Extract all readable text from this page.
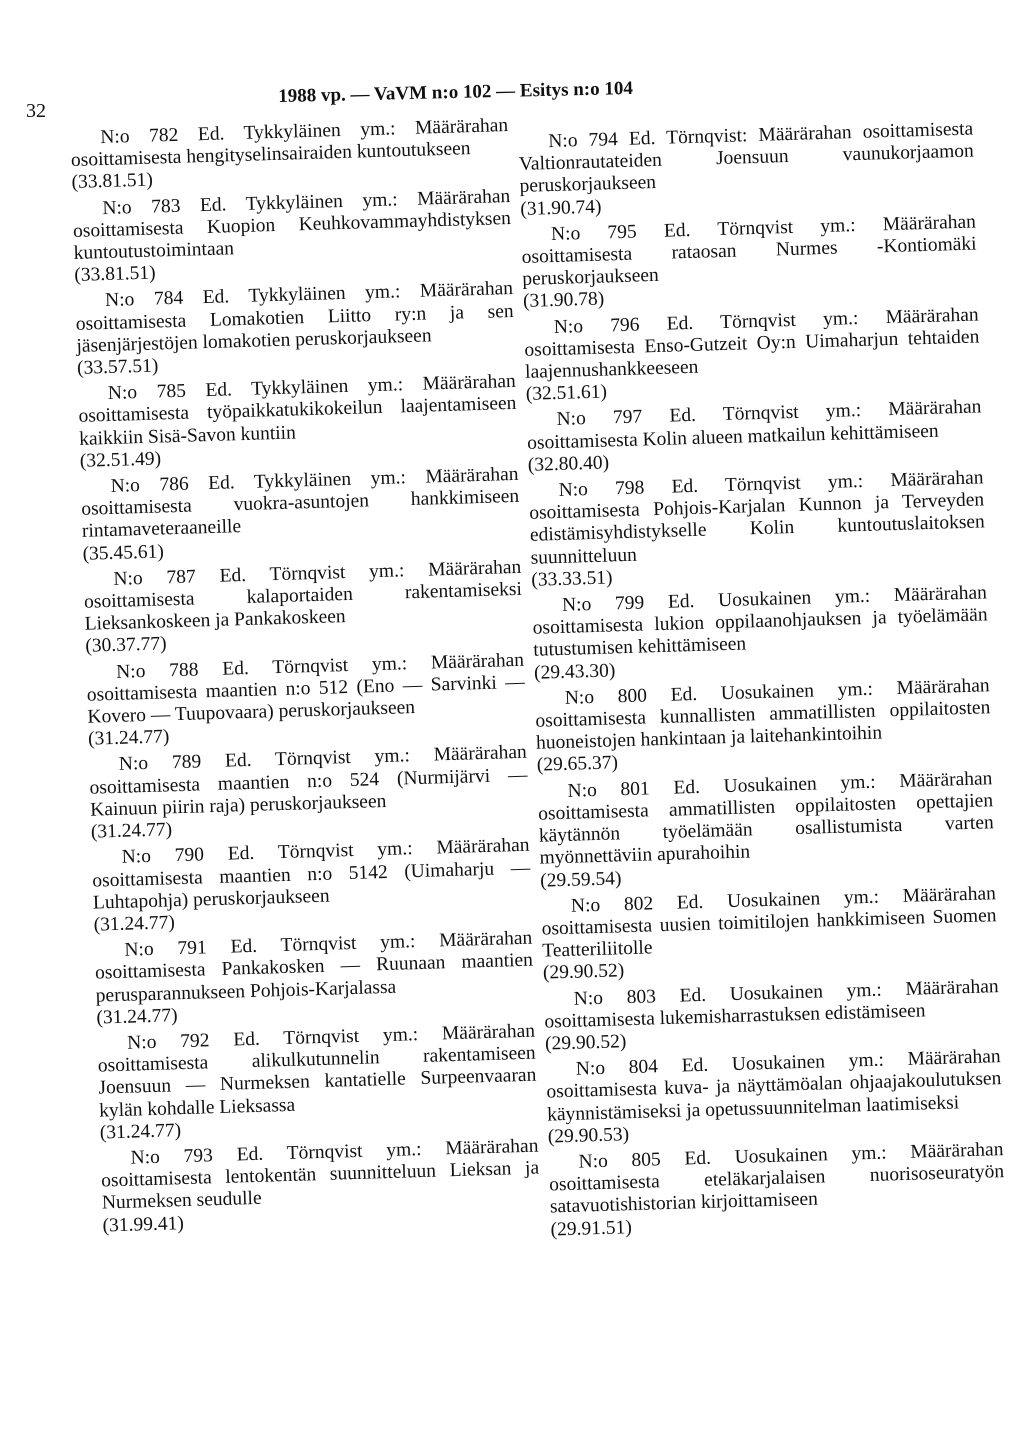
32
1988 vp. — VaVM n:o 102 — Esitys n:o 104

N:o 782 Ed. Tykkyläinen ym.: Määrärahan osoittamisesta hengityselinsairaiden kuntoutukseen

(33.81.51)

N:o 783 Ed. Tykkyläinen ym.: Määrärahan osoittamisesta Kuopion Keuhkovammayhdistyksen kuntoutustoimintaan

(33.81.51)

N:o 784 Ed. Tykkyläinen ym.: Määrärahan osoittamisesta Lomakotien Liitto ry:n ja sen jäsenjärjestöjen lomakotien peruskorjaukseen

(33.57.51)

N:o 785 Ed. Tykkyläinen ym.: Määrärahan osoittamisesta työpaikkatukikokeilun laajentamiseen kaikkiin Sisä-Savon kuntiin

(32.51.49)

N:o 786 Ed. Tykkyläinen ym.: Määrärahan osoittamisesta vuokra-asuntojen hankkimiseen rintamaveteraaneille

(35.45.61)

N:o 787 Ed. Törnqvist ym.: Määrärahan osoittamisesta kalaportaiden rakentamiseksi Lieksankoskeen ja Pankakoskeen

(30.37.77)

N:o 788 Ed. Törnqvist ym.: Määrärahan osoittamisesta maantien n:o 512 (Eno — Sarvinki — Kovero — Tuupovaara) peruskorjaukseen

(31.24.77)

N:o 789 Ed. Törnqvist ym.: Määrärahan osoittamisesta maantien n:o 524 (Nurmijärvi — Kainuun piirin raja) peruskorjaukseen

(31.24.77)

N:o 790 Ed. Törnqvist ym.: Määrärahan osoittamisesta maantien n:o 5142 (Uimaharju — Luhtapohja) peruskorjaukseen

(31.24.77)

N:o 791 Ed. Törnqvist ym.: Määrärahan osoittamisesta Pankakosken — Ruunaan maantien perusparannukseen Pohjois-Karjalassa

(31.24.77)

N:o 792 Ed. Törnqvist ym.: Määrärahan osoittamisesta alikulkutunnelin rakentamiseen Joensuun — Nurmeksen kantatielle Surpeenvaaran kylän kohdalle Lieksassa

(31.24.77)

N:o 793 Ed. Törnqvist ym.: Määrärahan osoittamisesta lentokentän suunnitteluun Lieksan ja Nurmeksen seudulle

(31.99.41)

N:o 794 Ed. Törnqvist: Määrärahan osoittamisesta Valtionrautateiden Joensuun vaunukorjaamon peruskorjaukseen

(31.90.74)

N:o 795 Ed. Törnqvist ym.: Määrärahan osoittamisesta rataosan Nurmes -Kontiomäki peruskorjaukseen

(31.90.78)

N:o 796 Ed. Törnqvist ym.: Määrärahan osoittamisesta Enso-Gutzeit Oy:n Uimaharjun tehtaiden laajennushankkeeseen

(32.51.61)

N:o 797 Ed. Törnqvist ym.: Määrärahan osoittamisesta Kolin alueen matkailun kehittämiseen

(32.80.40)

N:o 798 Ed. Törnqvist ym.: Määrärahan osoittamisesta Pohjois-Karjalan Kunnon ja Terveyden edistämisyhdistykselle Kolin kuntoutuslaitoksen suunnitteluun

(33.33.51)

N:o 799 Ed. Uosukainen ym.: Määrärahan osoittamisesta lukion oppilaanohjauksen ja työelämään tutustumisen kehittämiseen

(29.43.30)

N:o 800 Ed. Uosukainen ym.: Määrärahan osoittamisesta kunnallisten ammatillisten oppilaitosten huoneistojen hankintaan ja laitehankintoihin

(29.65.37)

N:o 801 Ed. Uosukainen ym.: Määrärahan osoittamisesta ammatillisten oppilaitosten opettajien käytännön työelämään osallistumista varten myönnettäviin apurahoihin

(29.59.54)

N:o 802 Ed. Uosukainen ym.: Määrärahan osoittamisesta uusien toimitilojen hankkimiseen Suomen Teatteriliitolle

(29.90.52)

N:o 803 Ed. Uosukainen ym.: Määrärahan osoittamisesta lukemisharrastuksen edistämiseen

(29.90.52)

N:o 804 Ed. Uosukainen ym.: Määrärahan osoittamisesta kuva- ja näyttämöalan ohjaajakoulutuksen käynnistämiseksi ja opetussuunnitelman laatimiseksi

(29.90.53)

N:o 805 Ed. Uosukainen ym.: Määrärahan osoittamisesta eteläkarjalaisen nuorisoseuratyön satavuotishistorian kirjoittamiseen

(29.91.51)
